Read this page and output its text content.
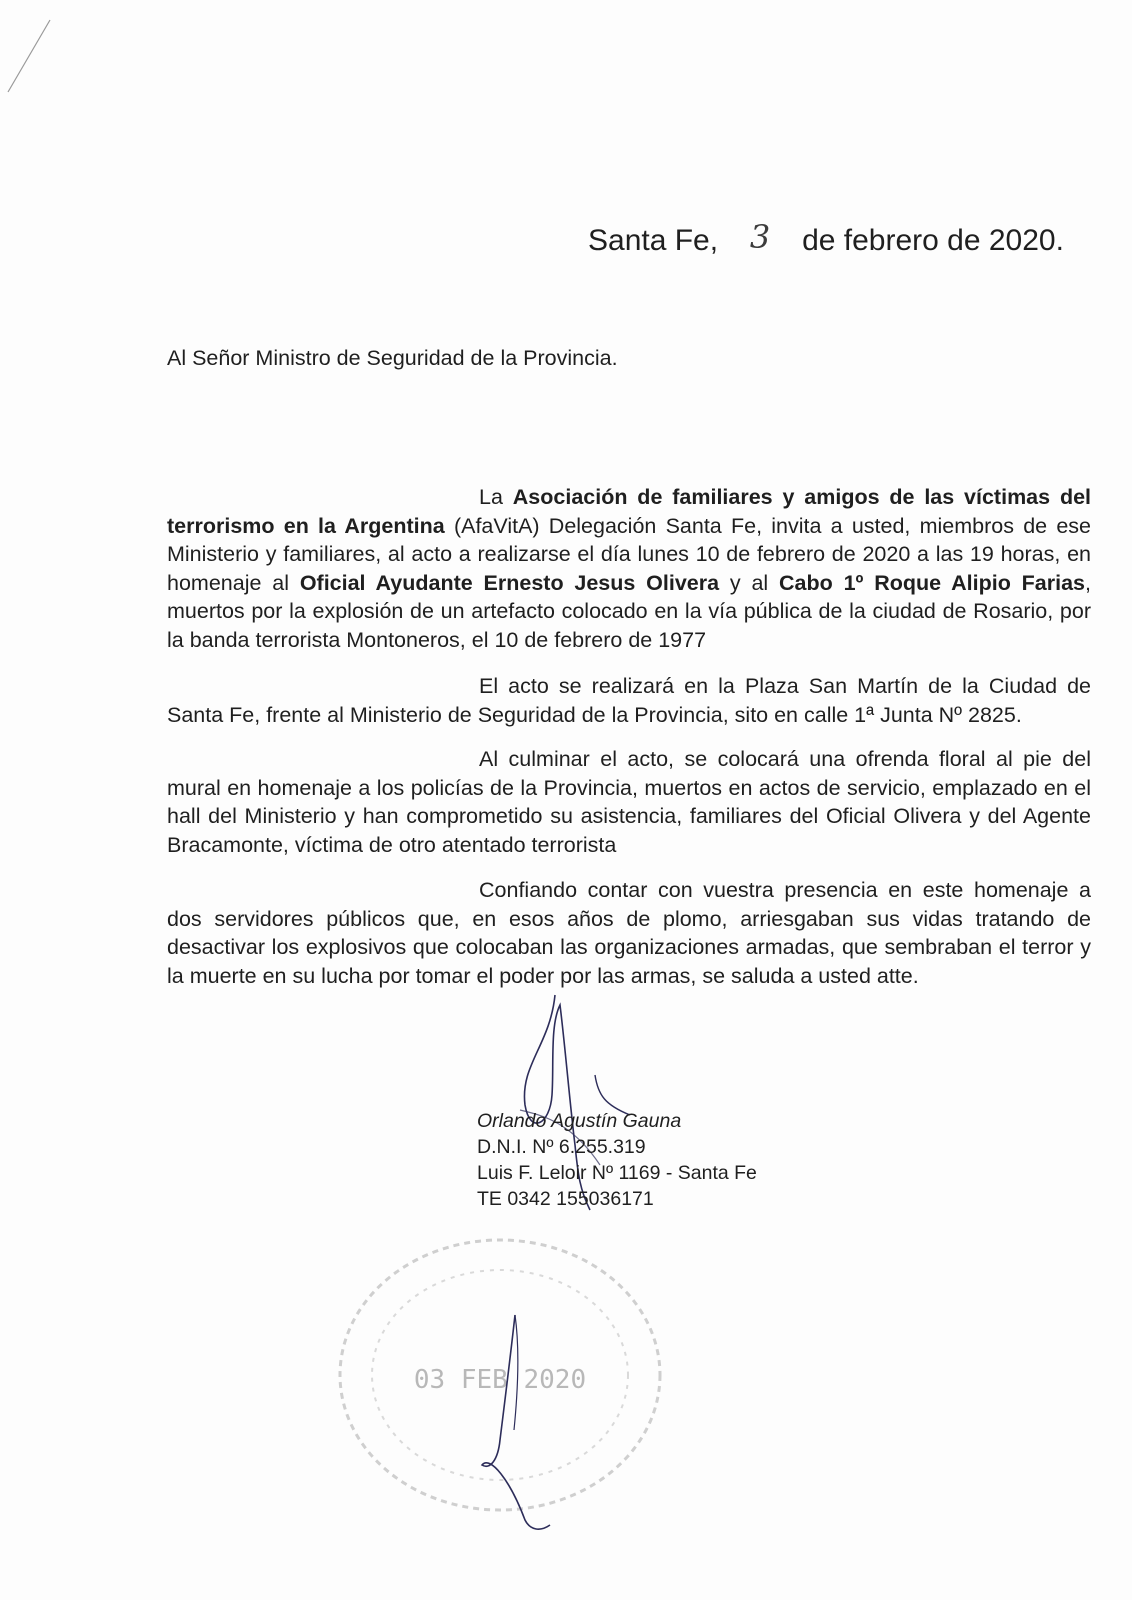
Santa Fe, 3 de febrero de 2020.
Al Señor Ministro de Seguridad de la Provincia.
La Asociación de familiares y amigos de las víctimas del terrorismo en la Argentina (AfaVitA) Delegación Santa Fe, invita a usted, miembros de ese Ministerio y familiares, al acto a realizarse el día lunes 10 de febrero de 2020 a las 19 horas, en homenaje al Oficial Ayudante Ernesto Jesus Olivera y al Cabo 1º Roque Alipio Farias, muertos por la explosión de un artefacto colocado en la vía pública de la ciudad de Rosario, por la banda terrorista Montoneros, el 10 de febrero de 1977
El acto se realizará en la Plaza San Martín de la Ciudad de Santa Fe, frente al Ministerio de Seguridad de la Provincia, sito en calle 1ª Junta Nº 2825.
Al culminar el acto, se colocará una ofrenda floral al pie del mural en homenaje a los policías de la Provincia, muertos en actos de servicio, emplazado en el hall del Ministerio y han comprometido su asistencia, familiares del Oficial Olivera y del Agente Bracamonte, víctima de otro atentado terrorista
Confiando contar con vuestra presencia en este homenaje a dos servidores públicos que, en esos años de plomo, arriesgaban sus vidas tratando de desactivar los explosivos que colocaban las organizaciones armadas, que sembraban el terror y la muerte en su lucha por tomar el poder por las armas, se saluda a usted atte.
Orlando Agustín Gauna
D.N.I. Nº 6.255.319
Luis F. Leloir Nº 1169 - Santa Fe
TE 0342 155036171
03 FEB 2020
